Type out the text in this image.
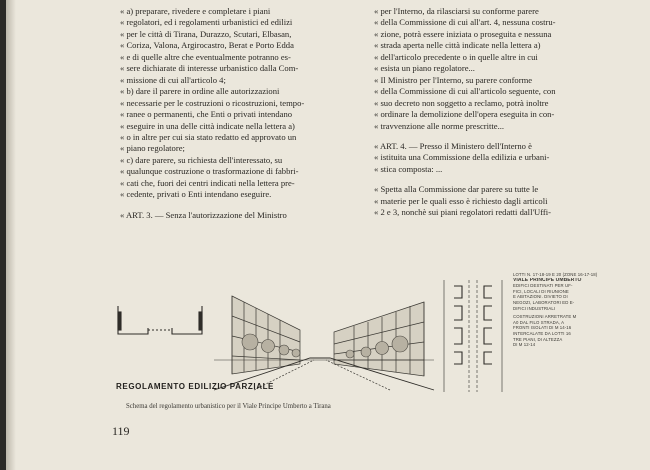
« a) preparare, rivedere e completare i piani

« regolatori, ed i regolamenti urbanistici ed edilizi

« per le città di Tirana, Durazzo, Scutari, Elbasan,

« Coriza, Valona, Argirocastro, Berat e Porto Edda

« e di quelle altre che eventualmente potranno es-

« sere dichiarate di interesse urbanistico dalla Com-

« missione di cui all'articolo 4;

« b) dare il parere in ordine alle autorizzazioni

« necessarie per le costruzioni o ricostruzioni, tempo-

« ranee o permanenti, che Enti o privati intendano

« eseguire in una delle città indicate nella lettera a)

« o in altre per cui sia stato redatto ed approvato un

« piano regolatore;

« c) dare parere, su richiesta dell'interessato, su

« qualunque costruzione o trasformazione di fabbri-

« cati che, fuori dei centri indicati nella lettera pre-

« cedente, privati o Enti intendano eseguire.

« ART. 3. — Senza l'autorizzazione del Ministro

« per l'Interno, da rilasciarsi su conforme parere

« della Commissione di cui all'art. 4, nessuna costru-

« zione, potrà essere iniziata o proseguita e nessuna

« strada aperta nelle città indicate nella lettera a)

« dell'articolo precedente o in quelle altre in cui

« esista un piano regolatore...

« Il Ministro per l'Interno, su parere conforme

« della Commissione di cui all'articolo seguente, con

« suo decreto non soggetto a reclamo, potrà inoltre

« ordinare la demolizione dell'opera eseguita in con-

« travvenzione alle norme prescritte...

« ART. 4. — Presso il Ministero dell'Interno è

« istituita una Commissione della edilizia e urbani-

« stica composta: ...

« Spetta alla Commissione dar parere su tutte le

« materie per le quali esso è richiesto dagli articoli

« 2 e 3, nonchè sui piani regolatori redatti dall'Uffi-

LOTTI N. 17-18-19 E 20 (ZONE 16-17-18)
VIALE PRINCIPE UMBERTO
EDIFICI DESTINATI PER UF-
FICI, LOCALI DI RIUNIONE
E ABITAZIONI. DIVIETO DI
NEGOZI, LABORATORI ED E-
DIFICI INDUSTRIALI
COSTRUZIONI ARRETRATE M
A0 DAL FILO STRADA, A
FRONTI ISOLATI DI M 14-16
INTERCALATE DA LOTTI 16
TRE PIANI, DI ALTEZZA
DI M 12-14
REGOLAMENTO EDILIZIO PARZIALE
Schema del regolamento urbanistico per il Viale Principe Umberto a Tirana
119
